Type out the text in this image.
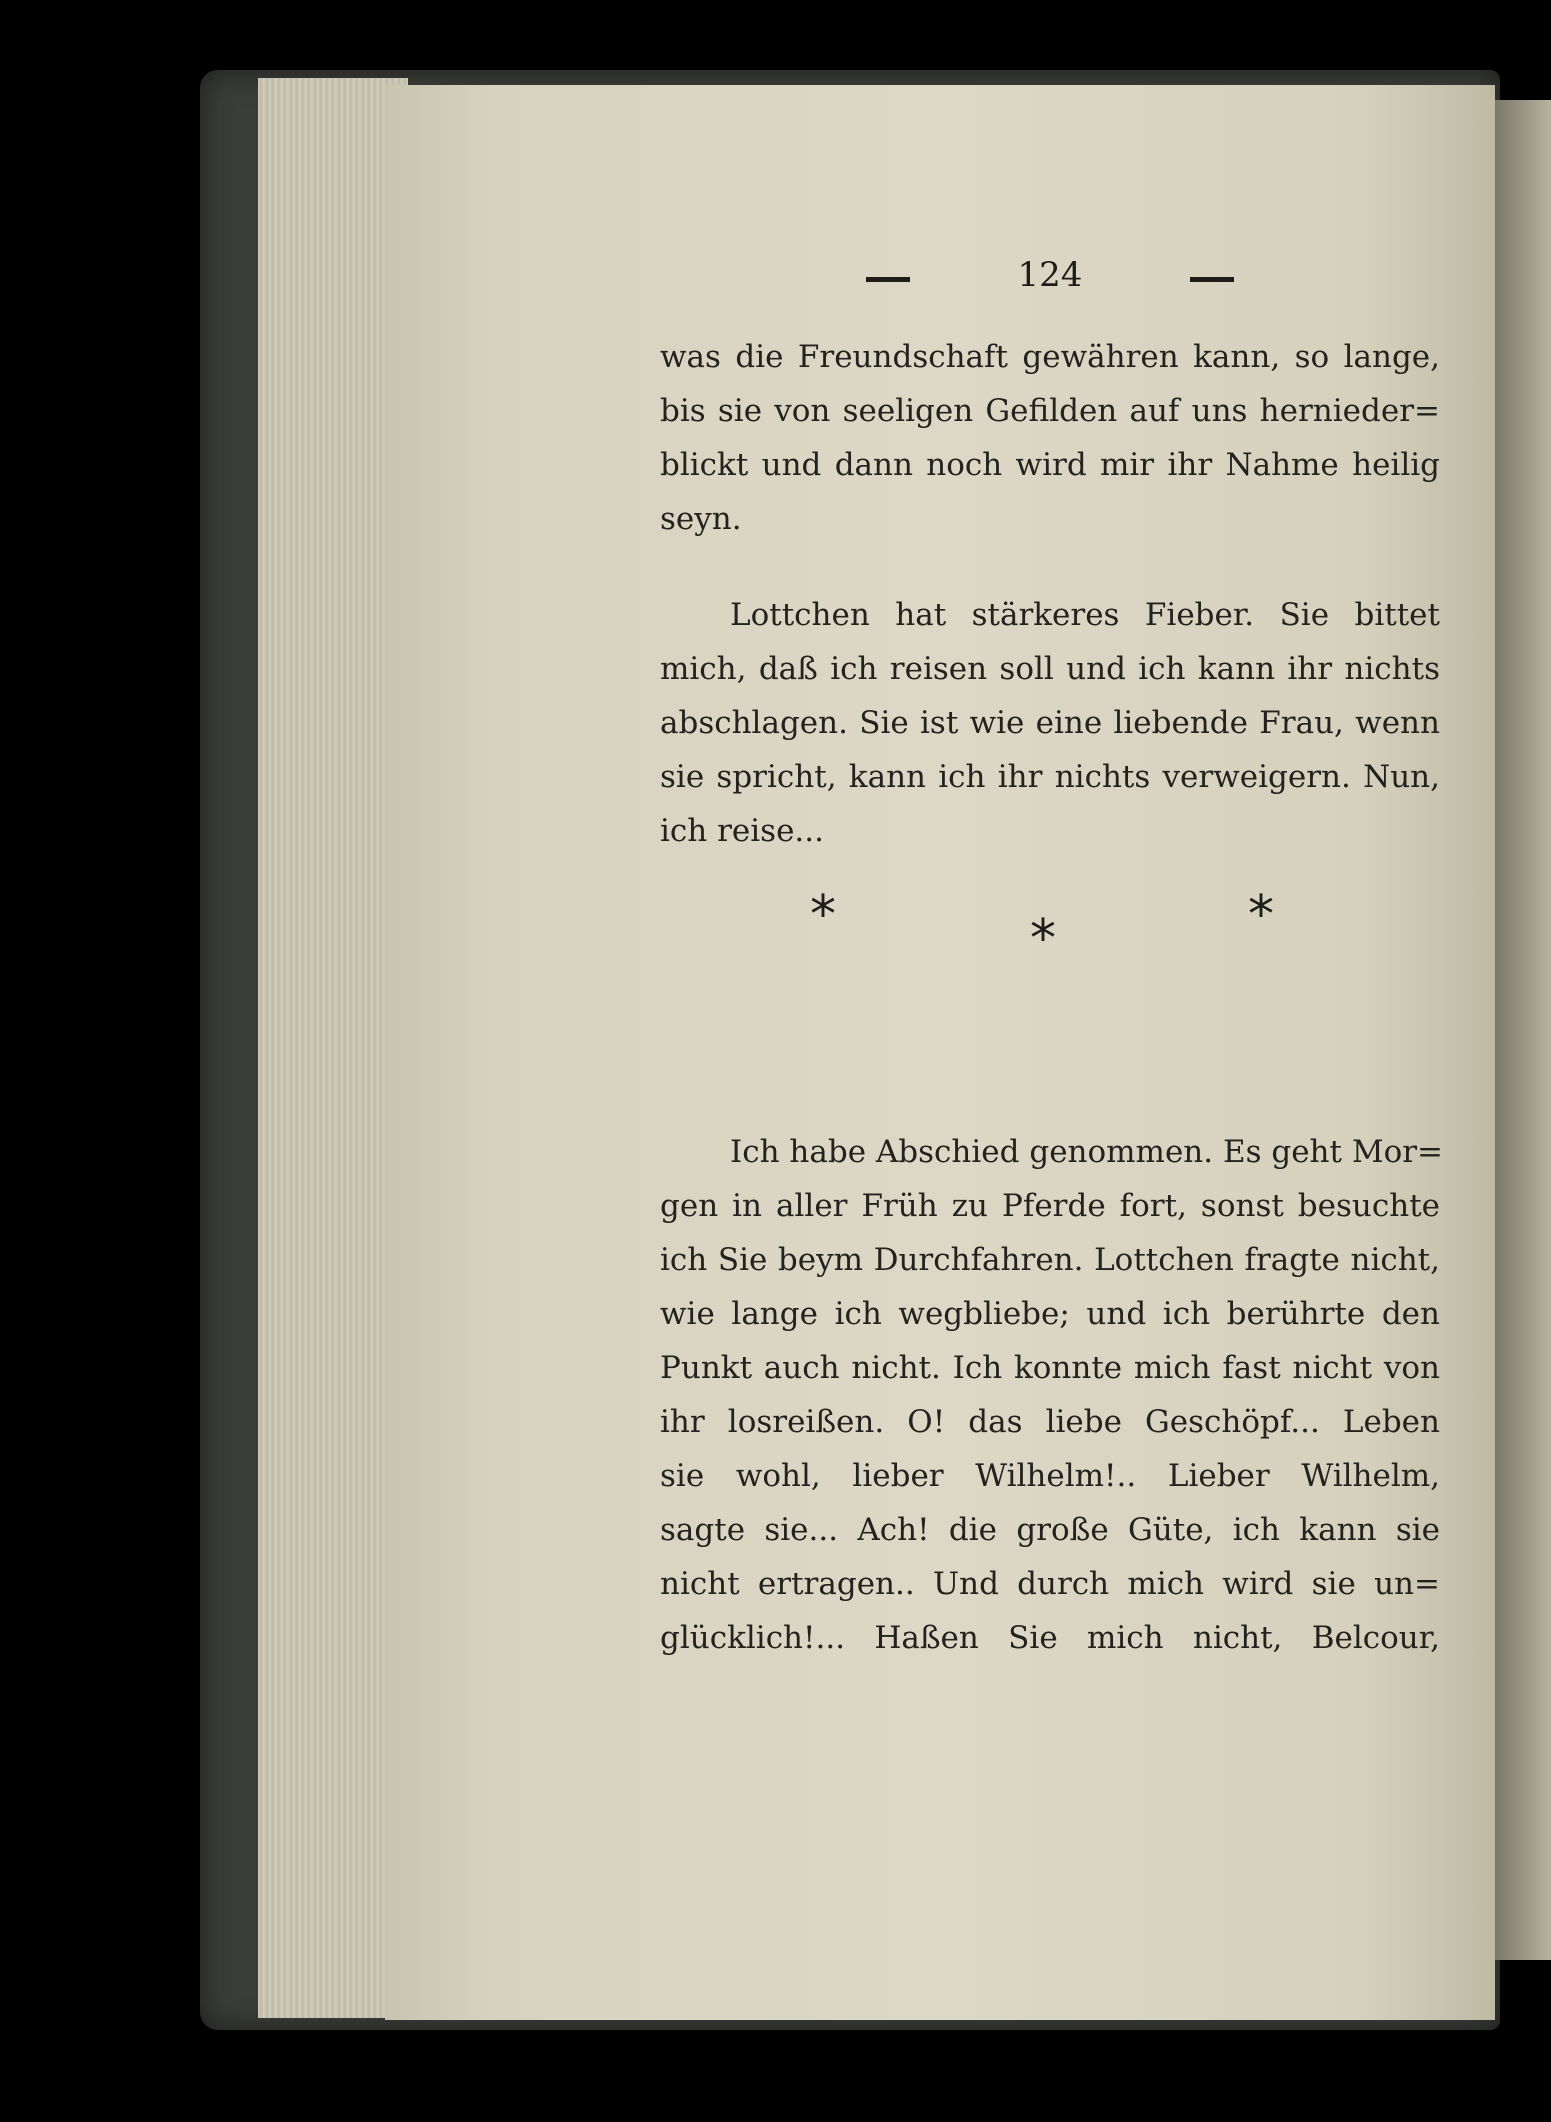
124
was die Freundschaft gewähren kann, so lange,
bis sie von seeligen Gefilden auf uns hernieder=
blickt und dann noch wird mir ihr Nahme heilig
seyn.
Lottchen hat stärkeres Fieber. Sie bittet
mich, daß ich reisen soll und ich kann ihr nichts
abschlagen. Sie ist wie eine liebende Frau, wenn
sie spricht, kann ich ihr nichts verweigern. Nun,
ich reise...
*	*	*
Ich habe Abschied genommen. Es geht Mor=
gen in aller Früh zu Pferde fort, sonst besuchte
ich Sie beym Durchfahren. Lottchen fragte nicht,
wie lange ich wegbliebe; und ich berührte den
Punkt auch nicht. Ich konnte mich fast nicht von
ihr losreißen. O! das liebe Geschöpf... Leben
sie wohl, lieber Wilhelm!.. Lieber Wilhelm,
sagte sie... Ach! die große Güte, ich kann sie
nicht ertragen.. Und durch mich wird sie un=
glücklich!... Haßen Sie mich nicht, Belcour,
